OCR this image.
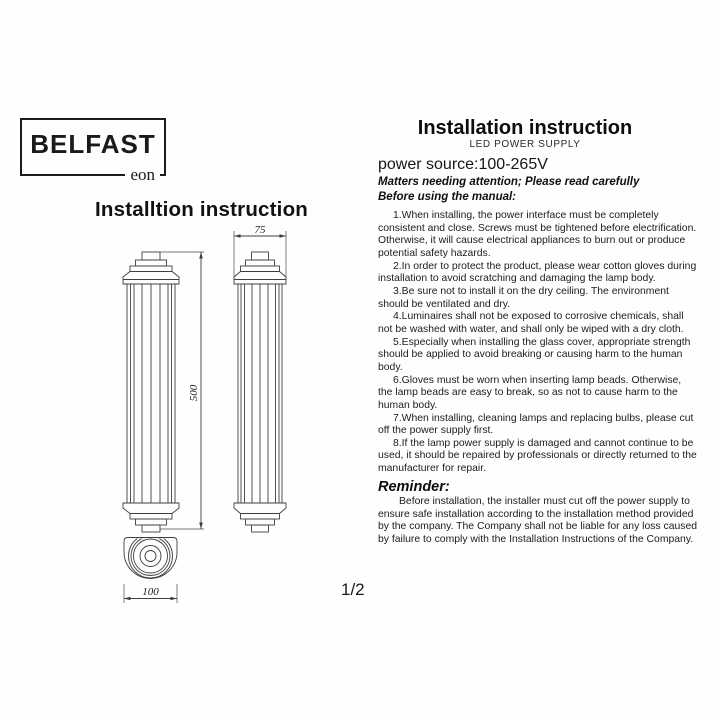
BELFAST
eon
Installtion instruction
500
75
100
Installation instruction
LED POWER SUPPLY
power source:100-265V
Matters needing attention; Please read carefully
Before using the manual:

1.When installing, the power interface must be completely consistent and close. Screws must be tightened before electrification. Otherwise, it will cause electrical appliances to burn out or produce potential safety hazards.

2.In order to protect the product, please wear cotton gloves during installation to avoid scratching and damaging the lamp body.

3.Be sure not to install it on the dry ceiling. The environment should be ventilated and dry.

4.Luminaires shall not be exposed to corrosive chemicals, shall not be washed with water, and shall only be wiped with a dry cloth.

5.Especially when installing the glass cover, appropriate strength should be applied to avoid breaking or causing harm to the human body.

6.Gloves must be worn when inserting lamp beads. Otherwise, the lamp beads are easy to break, so as not to cause harm to the human body.

7.When installing, cleaning lamps and replacing bulbs, please cut off the power supply first.

8.If the lamp power supply is damaged and cannot continue to be used, it should be repaired by professionals or directly returned to the manufacturer for repair.

Reminder:

Before installation, the installer must cut off the power supply to ensure safe installation according to the installation method provided by the company. The Company shall not be liable for any loss caused by failure to comply with the Installation Instructions of the Company.

1/2
